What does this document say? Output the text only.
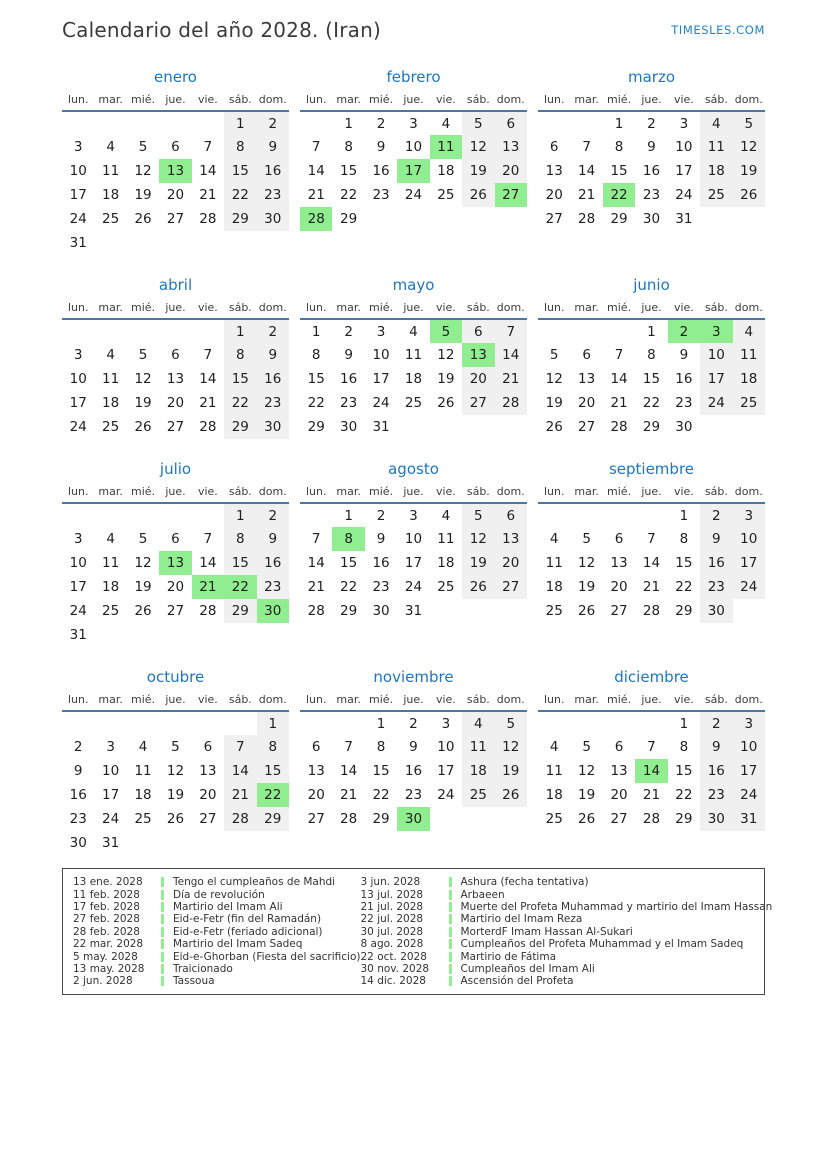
Calendario del año 2028. (Iran)	TIMESLES.COM
enero
lun.	mar.	mié.	jue.	vie.	sáb.	dom.
					1	2
3	4	5	6	7	8	9
10	11	12	13	14	15	16
17	18	19	20	21	22	23
24	25	26	27	28	29	30
31						
febrero
lun.	mar.	mié.	jue.	vie.	sáb.	dom.
	1	2	3	4	5	6
7	8	9	10	11	12	13
14	15	16	17	18	19	20
21	22	23	24	25	26	27
28	29					
marzo
lun.	mar.	mié.	jue.	vie.	sáb.	dom.
		1	2	3	4	5
6	7	8	9	10	11	12
13	14	15	16	17	18	19
20	21	22	23	24	25	26
27	28	29	30	31		
abril
lun.	mar.	mié.	jue.	vie.	sáb.	dom.
					1	2
3	4	5	6	7	8	9
10	11	12	13	14	15	16
17	18	19	20	21	22	23
24	25	26	27	28	29	30
mayo
lun.	mar.	mié.	jue.	vie.	sáb.	dom.
1	2	3	4	5	6	7
8	9	10	11	12	13	14
15	16	17	18	19	20	21
22	23	24	25	26	27	28
29	30	31				
junio
lun.	mar.	mié.	jue.	vie.	sáb.	dom.
			1	2	3	4
5	6	7	8	9	10	11
12	13	14	15	16	17	18
19	20	21	22	23	24	25
26	27	28	29	30		
julio
lun.	mar.	mié.	jue.	vie.	sáb.	dom.
					1	2
3	4	5	6	7	8	9
10	11	12	13	14	15	16
17	18	19	20	21	22	23
24	25	26	27	28	29	30
31						
agosto
lun.	mar.	mié.	jue.	vie.	sáb.	dom.
	1	2	3	4	5	6
7	8	9	10	11	12	13
14	15	16	17	18	19	20
21	22	23	24	25	26	27
28	29	30	31			
septiembre
lun.	mar.	mié.	jue.	vie.	sáb.	dom.
				1	2	3
4	5	6	7	8	9	10
11	12	13	14	15	16	17
18	19	20	21	22	23	24
25	26	27	28	29	30	
octubre
lun.	mar.	mié.	jue.	vie.	sáb.	dom.
						1
2	3	4	5	6	7	8
9	10	11	12	13	14	15
16	17	18	19	20	21	22
23	24	25	26	27	28	29
30	31					
noviembre
lun.	mar.	mié.	jue.	vie.	sáb.	dom.
		1	2	3	4	5
6	7	8	9	10	11	12
13	14	15	16	17	18	19
20	21	22	23	24	25	26
27	28	29	30			
diciembre
lun.	mar.	mié.	jue.	vie.	sáb.	dom.
				1	2	3
4	5	6	7	8	9	10
11	12	13	14	15	16	17
18	19	20	21	22	23	24
25	26	27	28	29	30	31
13 ene. 2028	Tengo el cumpleaños de Mahdi
11 feb. 2028	Día de revolución
17 feb. 2028	Martirio del Imam Ali
27 feb. 2028	Eid-e-Fetr (fin del Ramadán)
28 feb. 2028	Eid-e-Fetr (feriado adicional)
22 mar. 2028	Martirio del Imam Sadeq
5 may. 2028	Eid-e-Ghorban (Fiesta del sacrificio)
13 may. 2028	Traicionado
2 jun. 2028	Tassoua
3 jun. 2028	Ashura (fecha tentativa)
13 jul. 2028	Arbaeen
21 jul. 2028	Muerte del Profeta Muhammad y martirio del Imam Hassan
22 jul. 2028	Martirio del Imam Reza
30 jul. 2028	MorterdF Imam Hassan Al-Sukari
8 ago. 2028	Cumpleaños del Profeta Muhammad y el Imam Sadeq
22 oct. 2028	Martirio de Fátima
30 nov. 2028	Cumpleaños del Imam Ali
14 dic. 2028	Ascensión del Profeta
